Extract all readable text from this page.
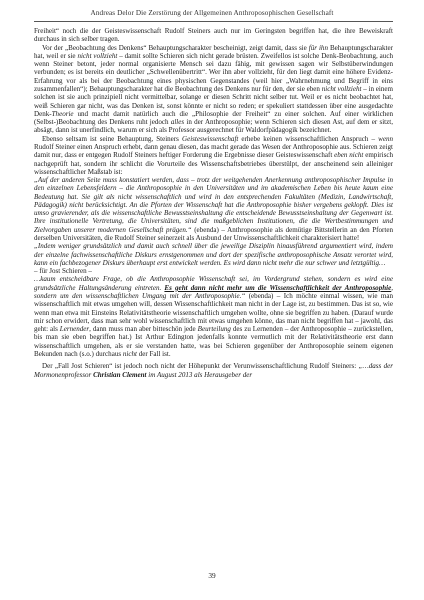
Andreas Delor Die Zerstörung der Allgemeinen Anthroposophischen Gesellschaft

Freiheit“ noch die der Geisteswissenschaft Rudolf Steiners auch nur im Geringsten begriffen hat, die ihre Beweiskraft durchaus in sich selber tragen.

Vor der „Beobachtung des Denkens“ Behauptungscharakter bescheinigt, zeigt damit, dass sie für ihn Behauptungscharakter hat, weil er sie nicht vollzieht – damit sollte Schieren sich nicht gerade brüsten. Zweifellos ist solche Denk-Beobachtung, auch wenn Steiner betont, jeder normal organisierte Mensch sei dazu fähig, mit gewissen sagen wir Selbstüberwindungen verbunden; es ist bereits ein deutlicher „Schwellenübertritt“. Wer ihn aber vollzieht, für den liegt damit eine höhere Evidenz-Erfahrung vor als bei der Beobachtung eines physischen Gegenstandes (weil hier „Wahrnehmung und Begriff in eins zusammenfallen“); Behauptungscharakter hat die Beobachtung des Denkens nur für den, der sie eben nicht vollzieht – in einem solchen ist sie auch prinzipiell nicht vermittelbar, solange er diesen Schritt nicht selber tut. Weil er es nicht beobachtet hat, weiß Schieren gar nicht, was das Denken ist, sonst könnte er nicht so reden; er spekuliert stattdessen über eine ausgedachte Denk-Theorie und macht damit natürlich auch die „Philosophie der Freiheit“ zu einer solchen. Auf einer wirklichen (Selbst-)Beobachtung des Denkens ruht jedoch alles in der Anthroposophie; wenn Schieren sich diesen Ast, auf dem er sitzt, absägt, dann ist unerfindlich, warum er sich als Professor ausgerechnet für Waldorfpädagogik bezeichnet.

Ebenso seltsam ist seine Behauptung, Steiners Geisteswissenschaft erhebe keinen wissenschaftlichen Anspruch – wenn Rudolf Steiner einen Anspruch erhebt, dann genau diesen, das macht gerade das Wesen der Anthroposophie aus. Schieren zeigt damit nur, dass er entgegen Rudolf Steiners heftiger Forderung die Ergebnisse dieser Geisteswissenschaft eben nicht empirisch nachgeprüft hat, sondern ihr schlicht die Vorurteile des Wissenschaftsbetriebes überstülpt, der anscheinend sein alleiniger wissenschaftlicher Maßstab ist:

„Auf der anderen Seite muss konstatiert werden, dass – trotz der weitgehenden Anerkennung anthroposophischer Impulse in den einzelnen Lebensfeldern – die Anthroposophie in den Universitäten und im akademischen Leben bis heute kaum eine Bedeutung hat. Sie gilt als nicht wissenschaftlich und wird in den entsprechenden Fakultäten (Medizin, Landwirtschaft, Pädagogik) nicht berücksichtigt. An die Pforten der Wissenschaft hat die Anthroposophie bisher vergebens geklopft. Dies ist umso gravierender, als die wissenschaftliche Bewusstseinshaltung die entscheidende Bewusstseinshaltung der Gegenwart ist. Ihre institutionelle Vertretung, die Universitäten, sind die maßgeblichen Institutionen, die die Wertbestimmungen und Zielvorgaben unserer modernen Gesellschaft prägen.“ (ebenda) – Anthroposophie als demütige Bittstellerin an den Pforten derselben Universitäten, die Rudolf Steiner seinerzeit als Ausbund der Unwissenschaftlichkeit charakterisiert hatte!

„Indem weniger grundsätzlich und damit auch schnell über die jeweilige Disziplin hinausführend argumentiert wird, indem der einzelne fachwissenschaftliche Diskurs ernstgenommen und dort der spezifische anthroposophische Ansatz verortet wird, kann ein fachbezogener Diskurs überhaupt erst entwickelt werden. Es wird dann nicht mehr die nur schwer und letztgültig…

– für Jost Schieren –

…kaum entscheidbare Frage, ob die Anthroposophie Wissenschaft sei, im Vordergrund stehen, sondern es wird eine grundsätzliche Haltungsänderung eintreten. Es geht dann nicht mehr um die Wissenschaftlichkeit der Anthroposophie, sondern um den wissenschaftlichen Umgang mit der Anthroposophie.“ (ebenda) – Ich möchte einmal wissen, wie man wissenschaftlich mit etwas umgehen will, dessen Wissenschaftlichkeit man nicht in der Lage ist, zu bestimmen. Das ist so, wie wenn man etwa mit Einsteins Relativitätstheorie wissenschaftlich umgehen wollte, ohne sie begriffen zu haben. (Darauf wurde mir schon erwidert, dass man sehr wohl wissenschaftlich mit etwas umgehen könne, das man nicht begriffen hat – jawohl, das geht: als Lernender, dann muss man aber bitteschön jede Beurteilung des zu Lernenden – der Anthroposophie – zurückstellen, bis man sie eben begriffen hat.) Ist Arthur Edington jedenfalls konnte vermutlich mit der Relativitätstheorie erst dann wissenschaftlich umgehen, als er sie verstanden hatte, was bei Schieren gegenüber der Anthroposophie seinem eigenen Bekunden nach (s.o.) durchaus nicht der Fall ist.

Der „Fall Jost Schieren“ ist jedoch noch nicht der Höhepunkt der Verunwissenschaftlichung Rudolf Steiners: „…dass der Mormonenprofessor Christian Clement im August 2013 als Herausgeber der

39
